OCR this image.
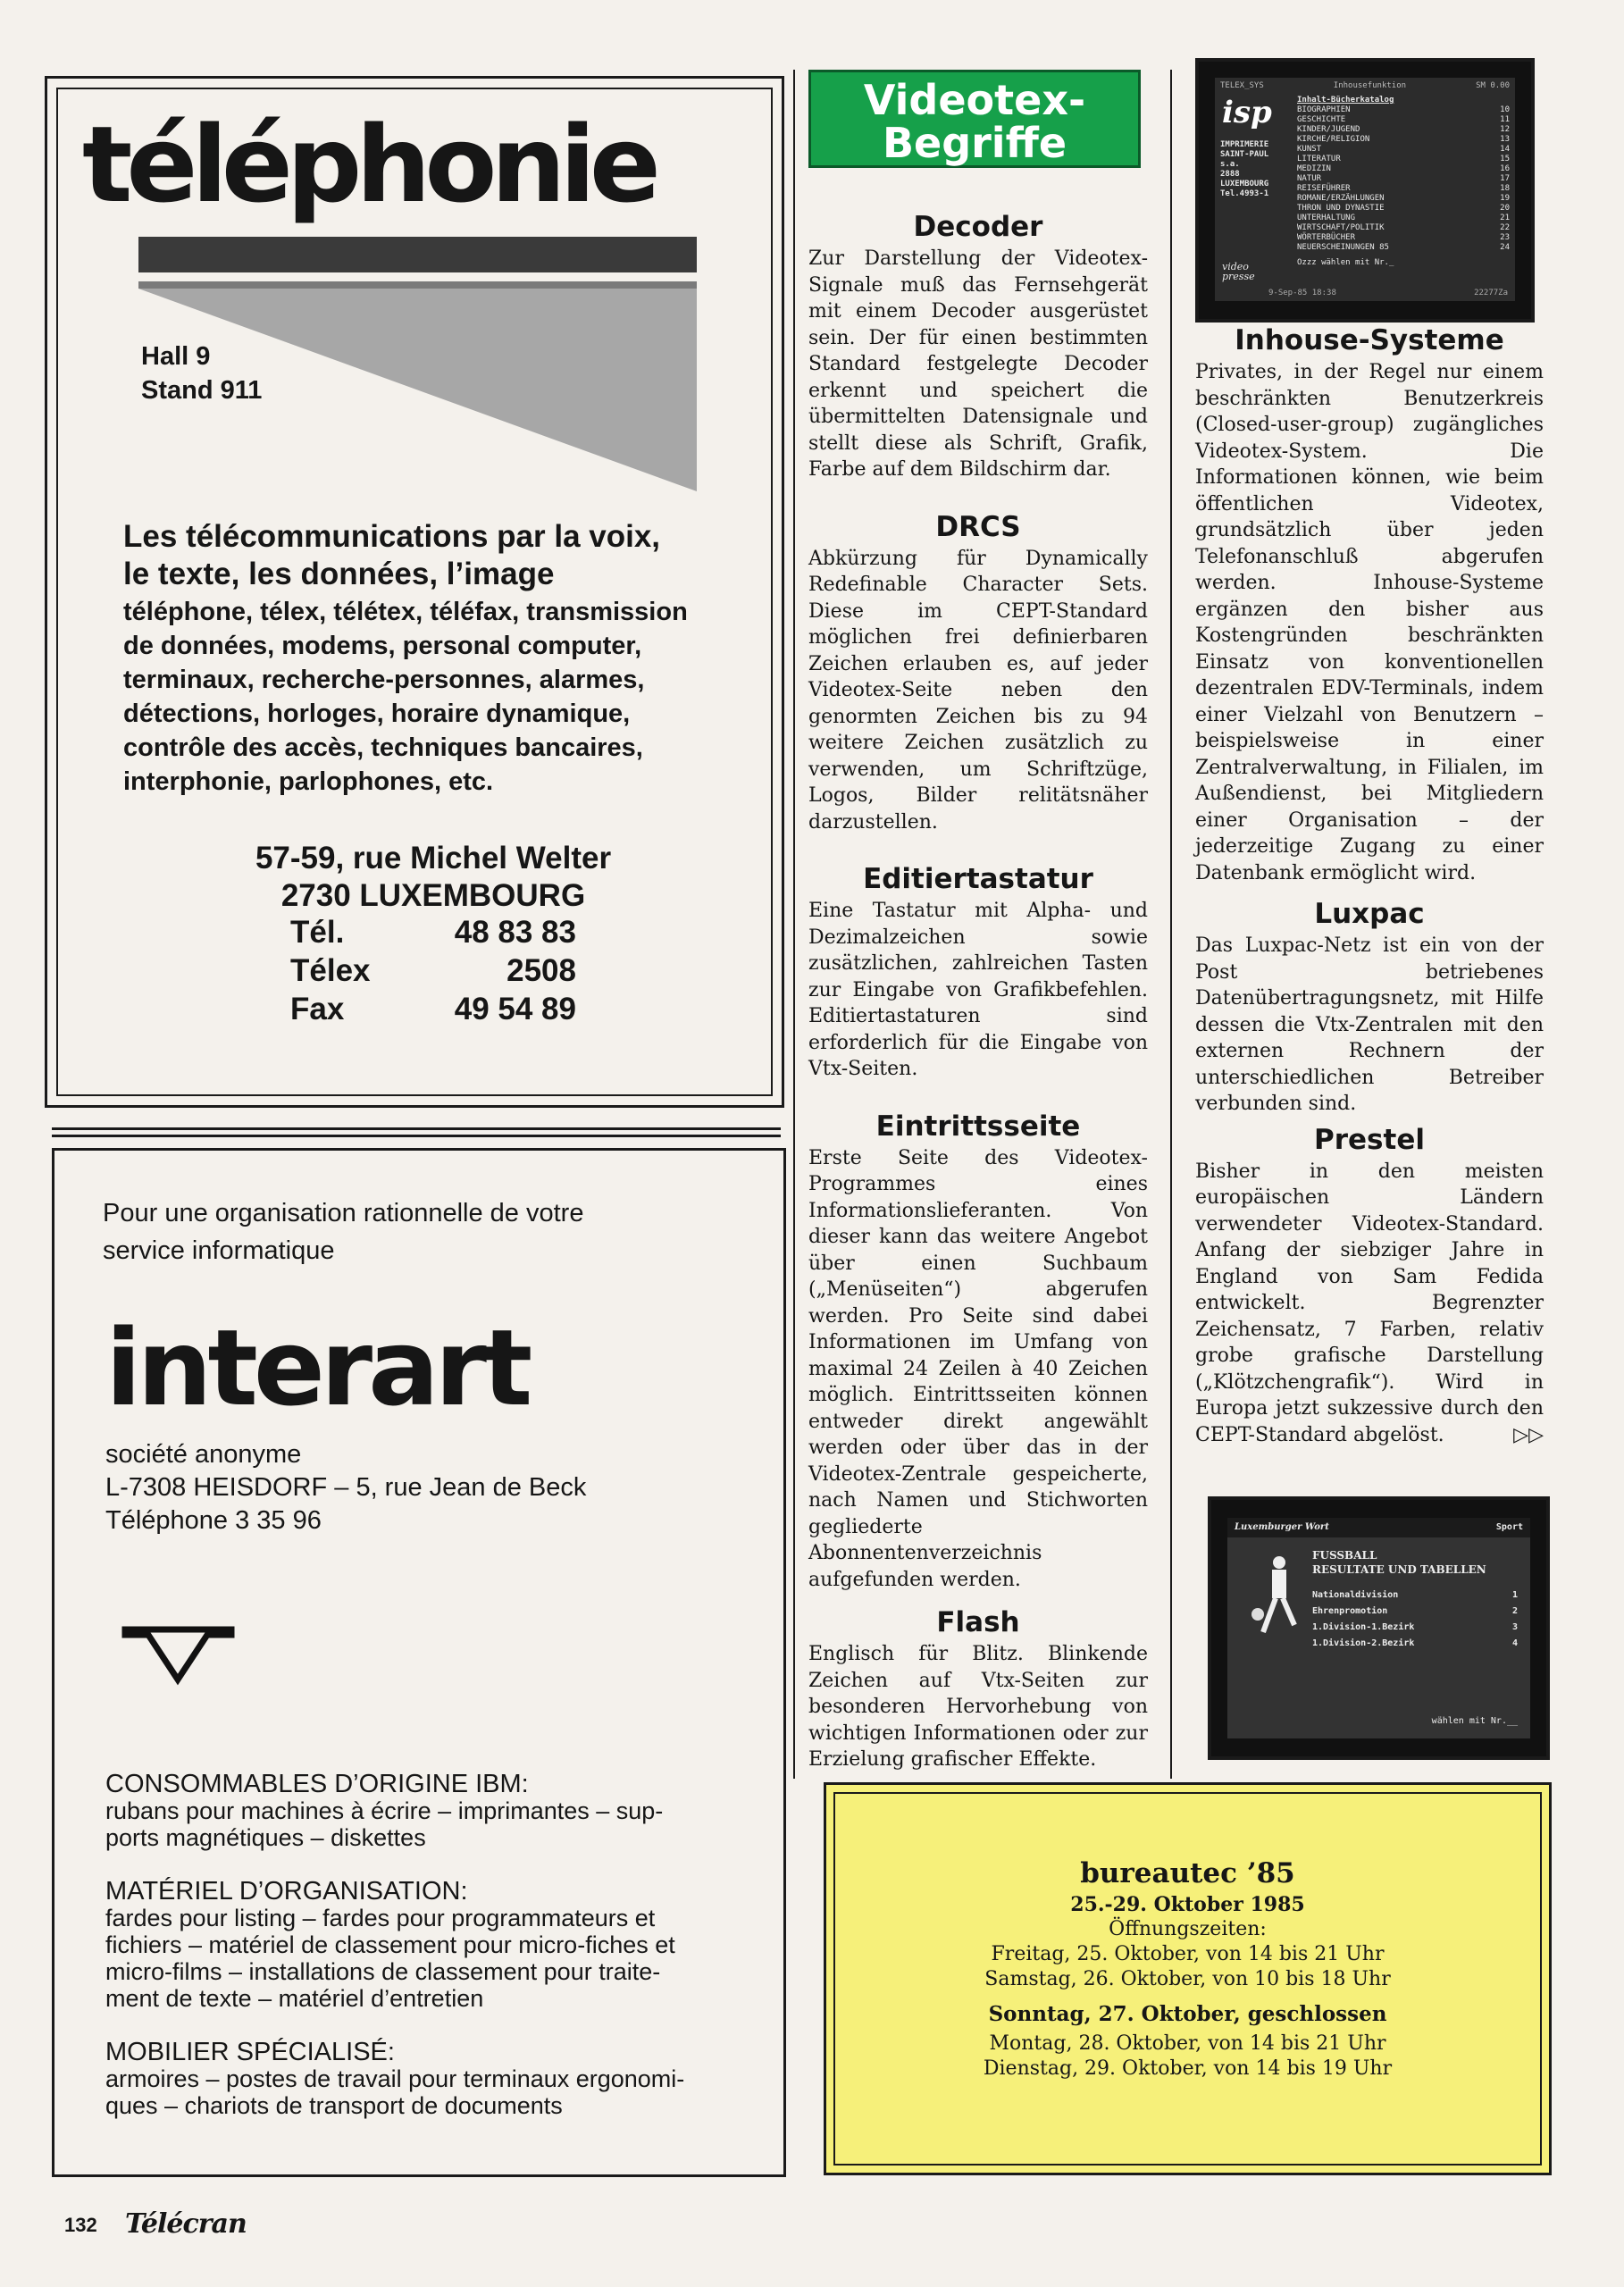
téléphonie
Hall 9
Stand 911
Les télécommunications par la voix,
le texte, les données, l’image
téléphone, télex, télétex, téléfax, transmission
de données, modems, personal computer,
terminaux, recherche-personnes, alarmes,
détections, horloges, horaire dynamique,
contrôle des accès, techniques bancaires,
interphonie, parlophones, etc.
57-59, rue Michel Welter
2730 LUXEMBOURG
Tél.	48 83 83
Télex	2508
Fax	49 54 89
Pour une organisation rationnelle de votre
service informatique
interart
société anonyme
L-7308 HEISDORF – 5, rue Jean de Beck
Téléphone 3 35 96
CONSOMMABLES D’ORIGINE IBM:
rubans pour machines à écrire – imprimantes – sup-
ports magnétiques – diskettes
MATÉRIEL D’ORGANISATION:
fardes pour listing – fardes pour programmateurs et
fichiers – matériel de classement pour micro-fiches et
micro-films – installations de classement pour traite-
ment de texte – matériel d’entretien
MOBILIER SPÉCIALISÉ:
armoires – postes de travail pour terminaux ergonomi-
ques – chariots de transport de documents
Videotex-
Begriffe
Decoder

Zur Darstellung der Videotex-Signale muß das Fernsehgerät mit einem Decoder ausgerüstet sein. Der für einen bestimmten Standard festgelegte Decoder erkennt und speichert die übermittelten Datensignale und stellt diese als Schrift, Grafik, Farbe auf dem Bildschirm dar.

DRCS

Abkürzung für Dynamically Redefinable Character Sets. Diese im CEPT-Standard möglichen frei definierbaren Zeichen erlauben es, auf jeder Videotex-Seite neben den genormten Zeichen bis zu 94 weitere Zeichen zusätzlich zu verwenden, um Schriftzüge, Logos, Bilder relitätsnäher darzustellen.

Editiertastatur

Eine Tastatur mit Alpha- und Dezimalzeichen sowie zusätzlichen, zahlreichen Tasten zur Eingabe von Grafikbefehlen. Editiertastaturen sind erforderlich für die Eingabe von Vtx-Seiten.

Eintrittsseite

Erste Seite des Videotex-Programmes eines Informationslieferanten. Von dieser kann das weitere Angebot über einen Suchbaum („Menüseiten“) abgerufen werden. Pro Seite sind dabei Informationen im Umfang von maximal 24 Zeilen à 40 Zeichen möglich. Eintrittsseiten können entweder direkt angewählt werden oder über das in der Videotex-Zentrale gespeicherte, nach Namen und Stichworten gegliederte Abonnentenverzeichnis aufgefunden werden.

Flash

Englisch für Blitz. Blinkende Zeichen auf Vtx-Seiten zur besonderen Hervorhebung von wichtigen Informationen oder zur Erzielung grafischer Effekte.

TELEX_SYS	Inhousefunktion	SM 0.00
isp
IMPRIMERIE
SAINT-PAUL
s.a.
2888
LUXEMBOURG
Tel.4993-1
video presse
Inhalt-Bücherkatalog
BIOGRAPHIEN	10
GESCHICHTE	11
KINDER/JUGEND	12
KIRCHE/RELIGION	13
KUNST	14
LITERATUR	15
MEDIZIN	16
NATUR	17
REISEFÜHRER	18
ROMANE/ERZÄHLUNGEN	19
THRON UND DYNASTIE	20
UNTERHALTUNG	21
WIRTSCHAFT/POLITIK	22
WÖRTERBÜCHER	23
NEUERSCHEINUNGEN 85	24
Ozzz wählen mit Nr._
9-Sep-85 18:38	22277Za
Inhouse-Systeme

Privates, in der Regel nur einem beschränkten Benutzerkreis (Closed-user-group) zugängliches Videotex-System. Die Informationen können, wie beim öffentlichen Videotex, grundsätzlich über jeden Telefonanschluß abgerufen werden. Inhouse-Systeme ergänzen den bisher aus Kostengründen beschränkten Einsatz von konventionellen dezentralen EDV-Terminals, indem einer Vielzahl von Benutzern – beispielsweise in einer Zentralverwaltung, in Filialen, im Außendienst, bei Mitgliedern einer Organisation – der jederzeitige Zugang zu einer Datenbank ermöglicht wird.

Luxpac

Das Luxpac-Netz ist ein von der Post betriebenes Datenübertragungsnetz, mit Hilfe dessen die Vtx-Zentralen mit den externen Rechnern der unterschiedlichen Betreiber verbunden sind.

Prestel

Bisher in den meisten europäischen Ländern verwendeter Videotex-Standard. Anfang der siebziger Jahre in England von Sam Fedida entwickelt. Begrenzter Zeichensatz, 7 Farben, relativ grobe grafische Darstellung („Klötzchengrafik“). Wird in Europa jetzt sukzessive durch den CEPT-Standard abgelöst.	▷▷

Luxemburger Wort	Sport
FUSSBALL
RESULTATE UND TABELLEN
Nationaldivision	1
Ehrenpromotion	2
1.Division-1.Bezirk	3
1.Division-2.Bezirk	4
wählen mit Nr.__
bureautec ’85
25.-29. Oktober 1985
Öffnungszeiten:
Freitag, 25. Oktober, von 14 bis 21 Uhr
Samstag, 26. Oktober, von 10 bis 18 Uhr
Sonntag, 27. Oktober, geschlossen
Montag, 28. Oktober, von 14 bis 21 Uhr
Dienstag, 29. Oktober, von 14 bis 19 Uhr
132 Télécran
